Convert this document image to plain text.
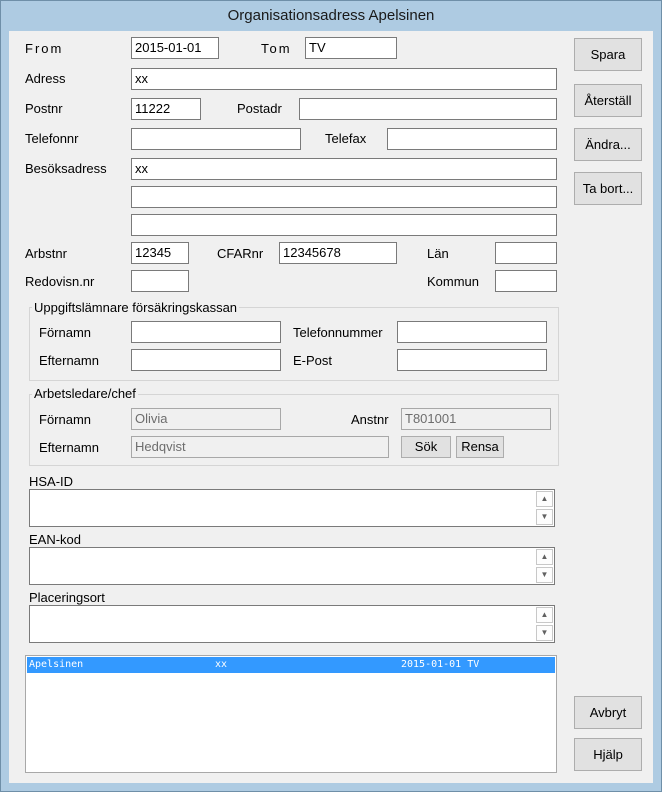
Organisationsadress Apelsinen
From	2015-01-01	Tom	TV
Adress	xx
Postnr	11222	Postadr
Telefonnr	Telefax
Besöksadress	xx
Arbstnr	12345	CFARnr	12345678	Län
Redovisn.nr	Kommun
Uppgiftslämnare försäkringskassan
Förnamn	Telefonnummer
Efternamn	E-Post
Arbetsledare/chef
Förnamn	Olivia	Anstnr	T801001
Efternamn	Hedqvist	Sök	Rensa
HSA-ID
▲
▼
EAN-kod
▲
▼
Placeringsort
▲
▼
Apelsinen	xx	2015-01-01 TV
Spara
Återställ
Ändra...
Ta bort...
Avbryt
Hjälp
